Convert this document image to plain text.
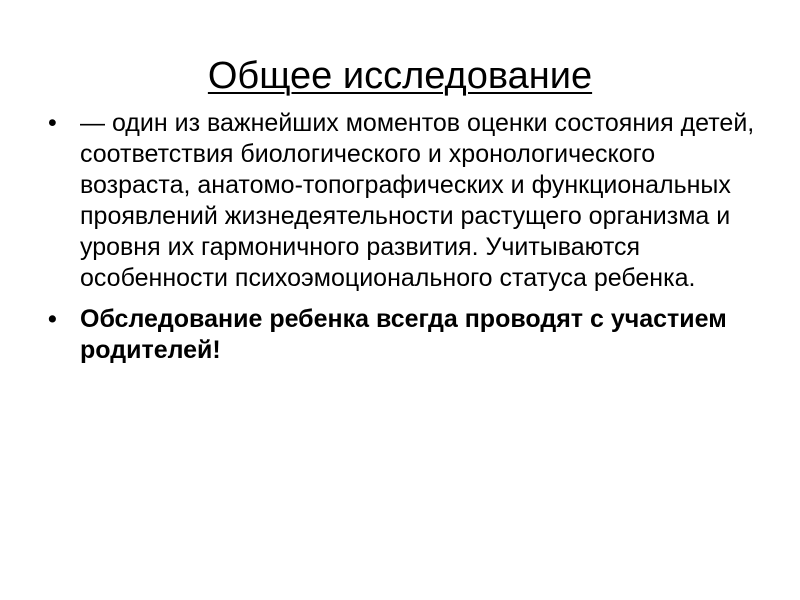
Общее исследование
• — один из важнейших моментов оценки состояния детей, соответствия биологического и хронологического возраста, анатомо-топографических и функциональных проявлений жизнедеятельности растущего организма и уровня их гармоничного развития. Учитываются особенности психоэмоционального статуса ребенка.
• Обследование ребенка всегда проводят с участием родителей!
